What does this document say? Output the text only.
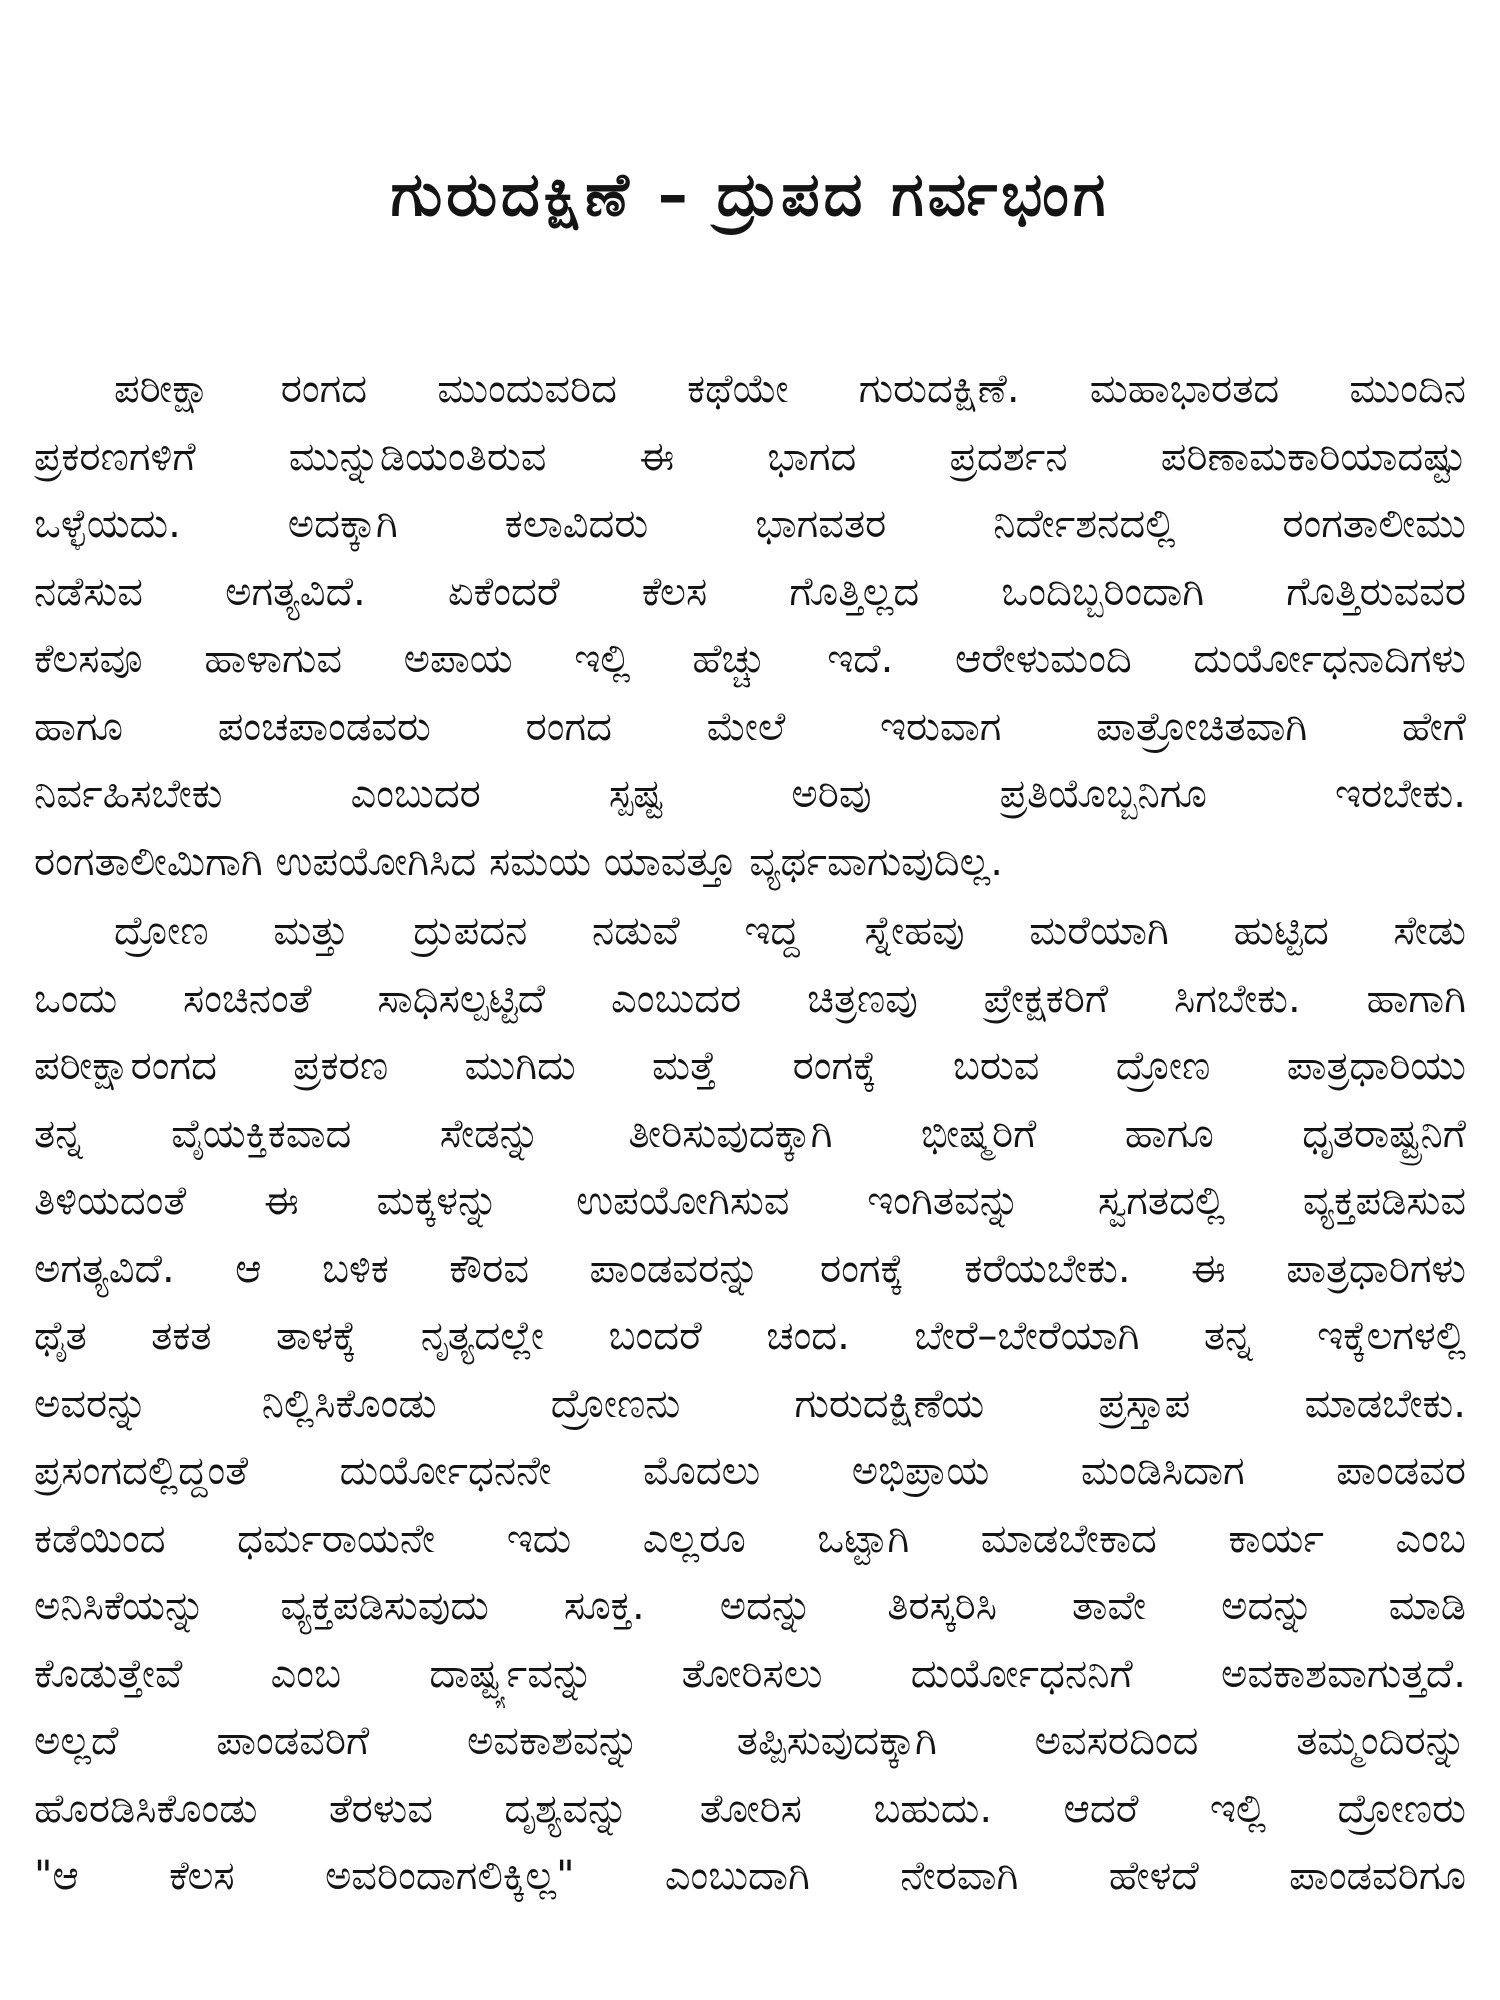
ಗುರುದಕ್ಷಿಣೆ – ದ್ರುಪದ ಗರ್ವಭಂಗ
ಪರೀಕ್ಷಾ ರಂಗದ ಮುಂದುವರಿದ ಕಥೆಯೇ ಗುರುದಕ್ಷಿಣೆ. ಮಹಾಭಾರತದ ಮುಂದಿನ
ಪ್ರಕರಣಗಳಿಗೆ ಮುನ್ನುಡಿಯಂತಿರುವ ಈ ಭಾಗದ ಪ್ರದರ್ಶನ ಪರಿಣಾಮಕಾರಿಯಾದಷ್ಟು
ಒಳ್ಳೆಯದು. ಅದಕ್ಕಾಗಿ ಕಲಾವಿದರು ಭಾಗವತರ ನಿರ್ದೇಶನದಲ್ಲಿ ರಂಗತಾಲೀಮು
ನಡೆಸುವ ಅಗತ್ಯವಿದೆ. ಏಕೆಂದರೆ ಕೆಲಸ ಗೊತ್ತಿಲ್ಲದ ಒಂದಿಬ್ಬರಿಂದಾಗಿ ಗೊತ್ತಿರುವವರ
ಕೆಲಸವೂ ಹಾಳಾಗುವ ಅಪಾಯ ಇಲ್ಲಿ ಹೆಚ್ಚು ಇದೆ. ಆರೇಳುಮಂದಿ ದುರ್ಯೋಧನಾದಿಗಳು
ಹಾಗೂ ಪಂಚಪಾಂಡವರು ರಂಗದ ಮೇಲೆ ಇರುವಾಗ ಪಾತ್ರೋಚಿತವಾಗಿ ಹೇಗೆ
ನಿರ್ವಹಿಸಬೇಕು ಎಂಬುದರ ಸ್ಪಷ್ಟ ಅರಿವು ಪ್ರತಿಯೊಬ್ಬನಿಗೂ ಇರಬೇಕು.
ರಂಗತಾಲೀಮಿಗಾಗಿ ಉಪಯೋಗಿಸಿದ ಸಮಯ ಯಾವತ್ತೂ ವ್ಯರ್ಥವಾಗುವುದಿಲ್ಲ.
ದ್ರೋಣ ಮತ್ತು ದ್ರುಪದನ ನಡುವೆ ಇದ್ದ ಸ್ನೇಹವು ಮರೆಯಾಗಿ ಹುಟ್ಟಿದ ಸೇಡು
ಒಂದು ಸಂಚಿನಂತೆ ಸಾಧಿಸಲ್ಪಟ್ಟಿದೆ ಎಂಬುದರ ಚಿತ್ರಣವು ಪ್ರೇಕ್ಷಕರಿಗೆ ಸಿಗಬೇಕು. ಹಾಗಾಗಿ
ಪರೀಕ್ಷಾರಂಗದ ಪ್ರಕರಣ ಮುಗಿದು ಮತ್ತೆ ರಂಗಕ್ಕೆ ಬರುವ ದ್ರೋಣ ಪಾತ್ರಧಾರಿಯು
ತನ್ನ ವೈಯಕ್ತಿಕವಾದ ಸೇಡನ್ನು ತೀರಿಸುವುದಕ್ಕಾಗಿ ಭೀಷ್ಮರಿಗೆ ಹಾಗೂ ಧೃತರಾಷ್ಟ್ರನಿಗೆ
ತಿಳಿಯದಂತೆ ಈ ಮಕ್ಕಳನ್ನು ಉಪಯೋಗಿಸುವ ಇಂಗಿತವನ್ನು ಸ್ವಗತದಲ್ಲಿ ವ್ಯಕ್ತಪಡಿಸುವ
ಅಗತ್ಯವಿದೆ. ಆ ಬಳಿಕ ಕೌರವ ಪಾಂಡವರನ್ನು ರಂಗಕ್ಕೆ ಕರೆಯಬೇಕು. ಈ ಪಾತ್ರಧಾರಿಗಳು
ಥೈತ ತಕತ ತಾಳಕ್ಕೆ ನೃತ್ಯದಲ್ಲೇ ಬಂದರೆ ಚಂದ. ಬೇರೆ–ಬೇರೆಯಾಗಿ ತನ್ನ ಇಕ್ಕೆಲಗಳಲ್ಲಿ
ಅವರನ್ನು ನಿಲ್ಲಿಸಿಕೊಂಡು ದ್ರೋಣನು ಗುರುದಕ್ಷಿಣೆಯ ಪ್ರಸ್ತಾಪ ಮಾಡಬೇಕು.
ಪ್ರಸಂಗದಲ್ಲಿದ್ದಂತೆ ದುರ್ಯೋಧನನೇ ಮೊದಲು ಅಭಿಪ್ರಾಯ ಮಂಡಿಸಿದಾಗ ಪಾಂಡವರ
ಕಡೆಯಿಂದ ಧರ್ಮರಾಯನೇ ಇದು ಎಲ್ಲರೂ ಒಟ್ಟಾಗಿ ಮಾಡಬೇಕಾದ ಕಾರ್ಯ ಎಂಬ
ಅನಿಸಿಕೆಯನ್ನು ವ್ಯಕ್ತಪಡಿಸುವುದು ಸೂಕ್ತ. ಅದನ್ನು ತಿರಸ್ಕರಿಸಿ ತಾವೇ ಅದನ್ನು ಮಾಡಿ
ಕೊಡುತ್ತೇವೆ ಎಂಬ ದಾರ್ಷ್ಟ್ಯವನ್ನು ತೋರಿಸಲು ದುರ್ಯೋಧನನಿಗೆ ಅವಕಾಶವಾಗುತ್ತದೆ.
ಅಲ್ಲದೆ ಪಾಂಡವರಿಗೆ ಅವಕಾಶವನ್ನು ತಪ್ಪಿಸುವುದಕ್ಕಾಗಿ ಅವಸರದಿಂದ ತಮ್ಮಂದಿರನ್ನು
ಹೊರಡಿಸಿಕೊಂಡು ತೆರಳುವ ದೃಶ್ಯವನ್ನು ತೋರಿಸ ಬಹುದು. ಆದರೆ ಇಲ್ಲಿ ದ್ರೋಣರು
"ಆ ಕೆಲಸ ಅವರಿಂದಾಗಲಿಕ್ಕಿಲ್ಲ" ಎಂಬುದಾಗಿ ನೇರವಾಗಿ ಹೇಳದೆ ಪಾಂಡವರಿಗೂ
